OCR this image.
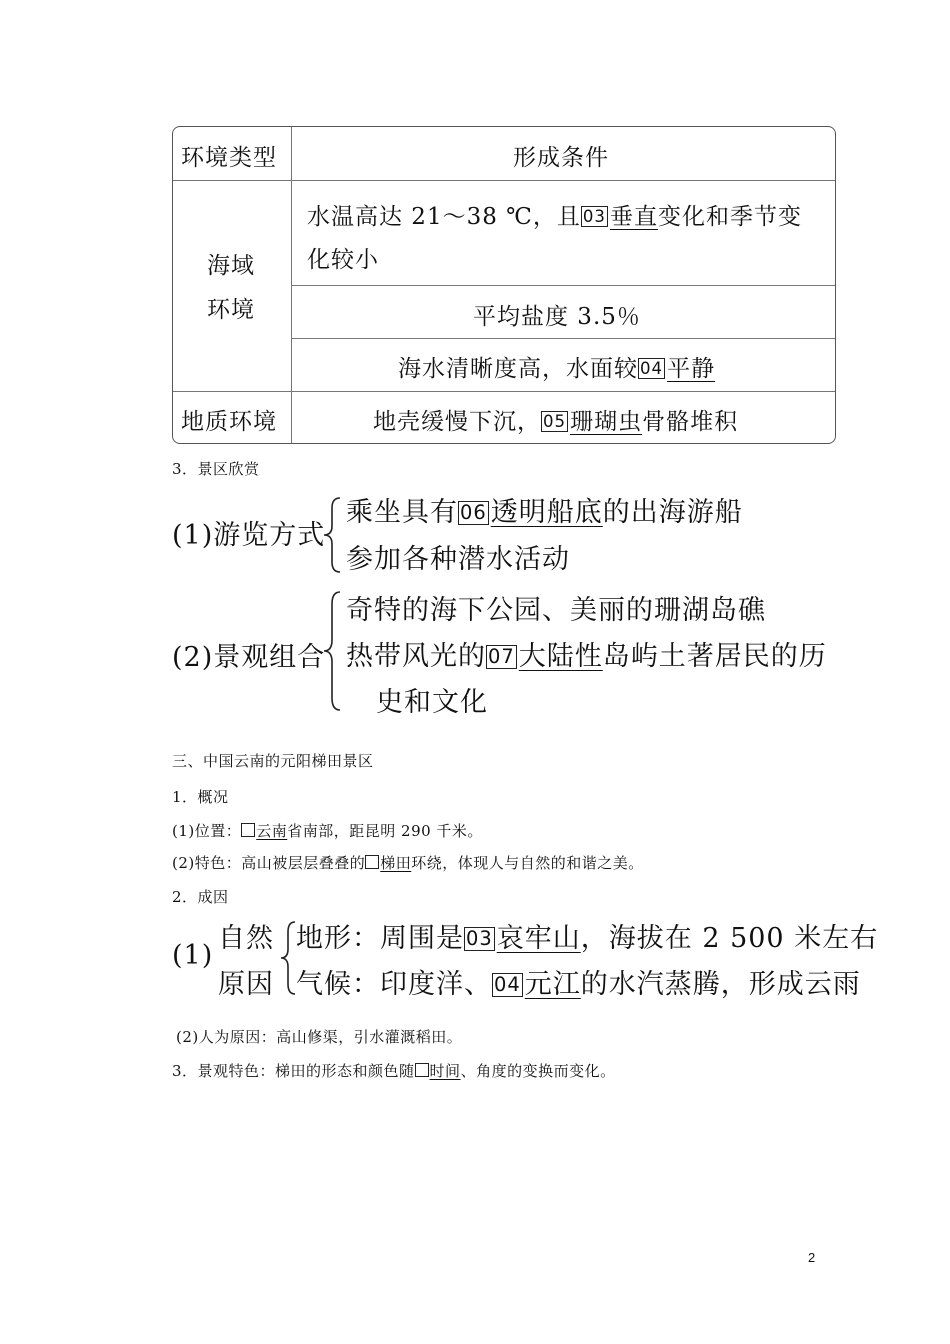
环境类型	形成条件
海域
环境
水温高达 21～38 ℃，且 03 垂直变化和季节变
化较小
平均盐度 3.5％
海水清晰度高，水面较 04 平静
地质环境	地壳缓慢下沉， 05 珊瑚虫骨骼堆积
3．景区欣赏
(1)游览方式
乘坐具有 06 透明船底的出海游船
参加各种潜水活动
(2)景观组合
奇特的海下公园、美丽的珊湖岛礁
热带风光的 07 大陆性岛屿土著居民的历
史和文化
三、中国云南的元阳梯田景区
1．概况
(1)位置： 云南省南部，距昆明 290 千米。
(2)特色：高山被层层叠叠的 梯田环绕，体现人与自然的和谐之美。
2．成因
(1)
自然
原因
地形：周围是 03 哀牢山，海拔在 2 500 米左右
气候：印度洋、 04 元江的水汽蒸腾，形成云雨
(2)人为原因：高山修渠，引水灌溉稻田。
3．景观特色：梯田的形态和颜色随 时间、角度的变换而变化。
2
